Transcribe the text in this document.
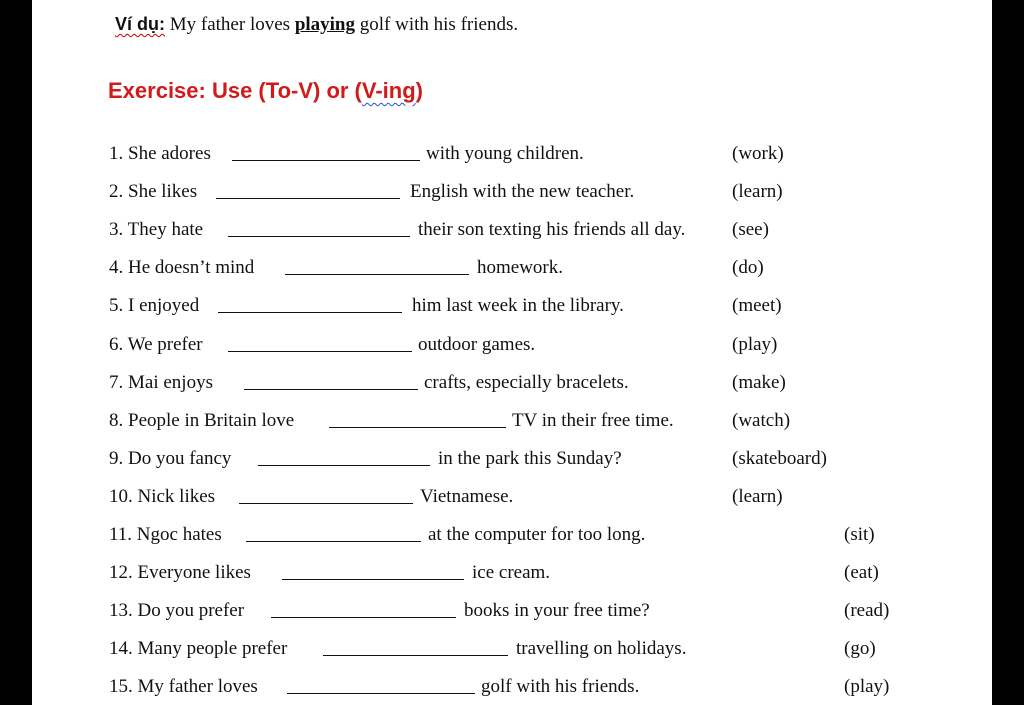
Ví dụ: My father loves playing golf with his friends.
Exercise: Use (To-V) or (V-ing)
1. She adores	with young children.	(work)
2. She likes	English with the new teacher.	(learn)
3. They hate	their son texting his friends all day. (see)
4. He doesn’t mind	homework.	(do)
5. I enjoyed	him last week in the library.	(meet)
6. We prefer	outdoor games.	(play)
7. Mai enjoys	crafts, especially bracelets.	(make)
8. People in Britain love	TV in their free time.	(watch)
9. Do you fancy	in the park this Sunday?	(skateboard)
10. Nick likes	Vietnamese.	(learn)
11. Ngoc hates	at the computer for too long.	(sit)
12. Everyone likes	ice cream.	(eat)
13. Do you prefer	books in your free time?	(read)
14. Many people prefer	travelling on holidays.	(go)
15. My father loves	golf with his friends.	(play)
